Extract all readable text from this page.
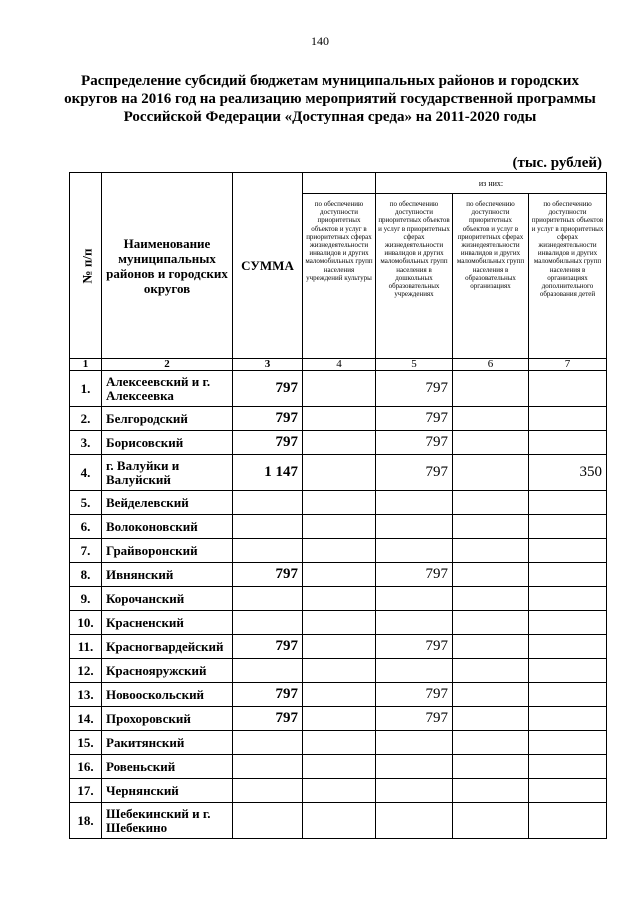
140
Распределение субсидий бюджетам муниципальных районов и городских округов на 2016 год на реализацию мероприятий государственной программы Российской Федерации «Доступная среда» на 2011-2020 годы
(тыс. рублей)
№ п/п	Наименование муниципальных районов и городских округов	СУММА		из них:		
			по обеспечению доступности приоритетных объектов и услуг в приоритетных сферах жизнедеятельности инвалидов и других маломобильных групп населения учреждений культуры	по обеспечению доступности приоритетных объектов и услуг в приоритетных сферах жизнедеятельности инвалидов и других маломобильных групп населения в дошкольных образовательных учреждениях	по обеспечению доступности приоритетных объектов и услуг в приоритетных сферах жизнедеятельности инвалидов и других маломобильных групп населения в образовательных организациях	по обеспечению доступности приоритетных объектов и услуг в приоритетных сферах жизнедеятельности инвалидов и других маломобильных групп населения в организациях дополнительного образования детей
1	2	3	4	5	6	7
1.	Алексеевский и г. Алексеевка	797		797		
2.	Белгородский	797		797		
3.	Борисовский	797		797		
4.	г. Валуйки и Валуйский	1 147		797		350
5.	Вейделевский					
6.	Волоконовский					
7.	Грайворонский					
8.	Ивнянский	797		797		
9.	Корочанский					
10.	Красненский					
11.	Красногвардейский	797		797		
12.	Краснояружский					
13.	Новооскольский	797		797		
14.	Прохоровский	797		797		
15.	Ракитянский					
16.	Ровеньский					
17.	Чернянский					
18.	Шебекинский и г. Шебекино					
